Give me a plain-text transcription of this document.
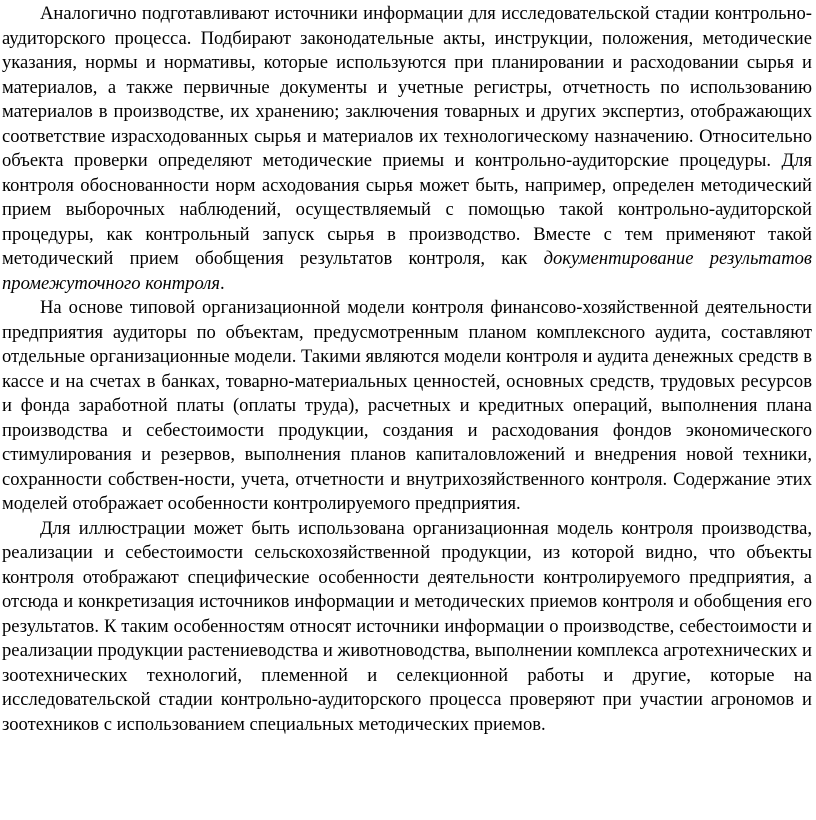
Аналогично подготавливают источники информации для исследовательской стадии контрольно-аудиторского процесса. Подбирают законодательные акты, инструкции, положения, методические указания, нормы и нормативы, которые используются при планировании и расходовании сырья и материалов, а также первичные документы и учетные регистры, отчетность по использованию материалов в производстве, их хранению; заключения товарных и других экспертиз, отображающих соответствие израсходованных сырья и материалов их технологическому назначению. Относительно объекта проверки определяют методические приемы и контрольно-аудиторские процедуры. Для контроля обоснованности норм асходования сырья может быть, например, определен методический прием выборочных наблюдений, осуществляемый с помощью такой контрольно-аудиторской процедуры, как контрольный запуск сырья в производство. Вместе с тем применяют такой методический прием обобщения результатов контроля, как документирование результатов промежуточного контроля.

На основе типовой организационной модели контроля финансово-хозяйственной деятельности предприятия аудиторы по объектам, предусмотренным планом комплексного аудита, составляют отдельные организационные модели. Такими являются модели контроля и аудита денежных средств в кассе и на счетах в банках, товарно-материальных ценностей, основных средств, трудовых ресурсов и фонда заработной платы (оплаты труда), расчетных и кредитных операций, выполнения плана производства и себестоимости продукции, создания и расходования фондов экономического стимулирования и резервов, выполнения планов капиталовложений и внедрения новой техники, сохранности собствен-ности, учета, отчетности и внутрихозяйственного контроля. Содержание этих моделей отображает особенности контролируемого предприятия.

Для иллюстрации может быть использована организационная модель контроля производства, реализации и себестоимости сельскохозяйственной продукции, из которой видно, что объекты контроля отображают специфические особенности деятельности контролируемого предприятия, а отсюда и конкретизация источников информации и методических приемов контроля и обобщения его результатов. К таким особенностям относят источники информации о производстве, себестоимости и реализации продукции растениеводства и животноводства, выполнении комплекса агротехнических и зоотехнических технологий, племенной и селекционной работы и другие, которые на исследовательской стадии контрольно-аудиторского процесса проверяют при участии агрономов и зоотехников с использованием специальных методических приемов.
